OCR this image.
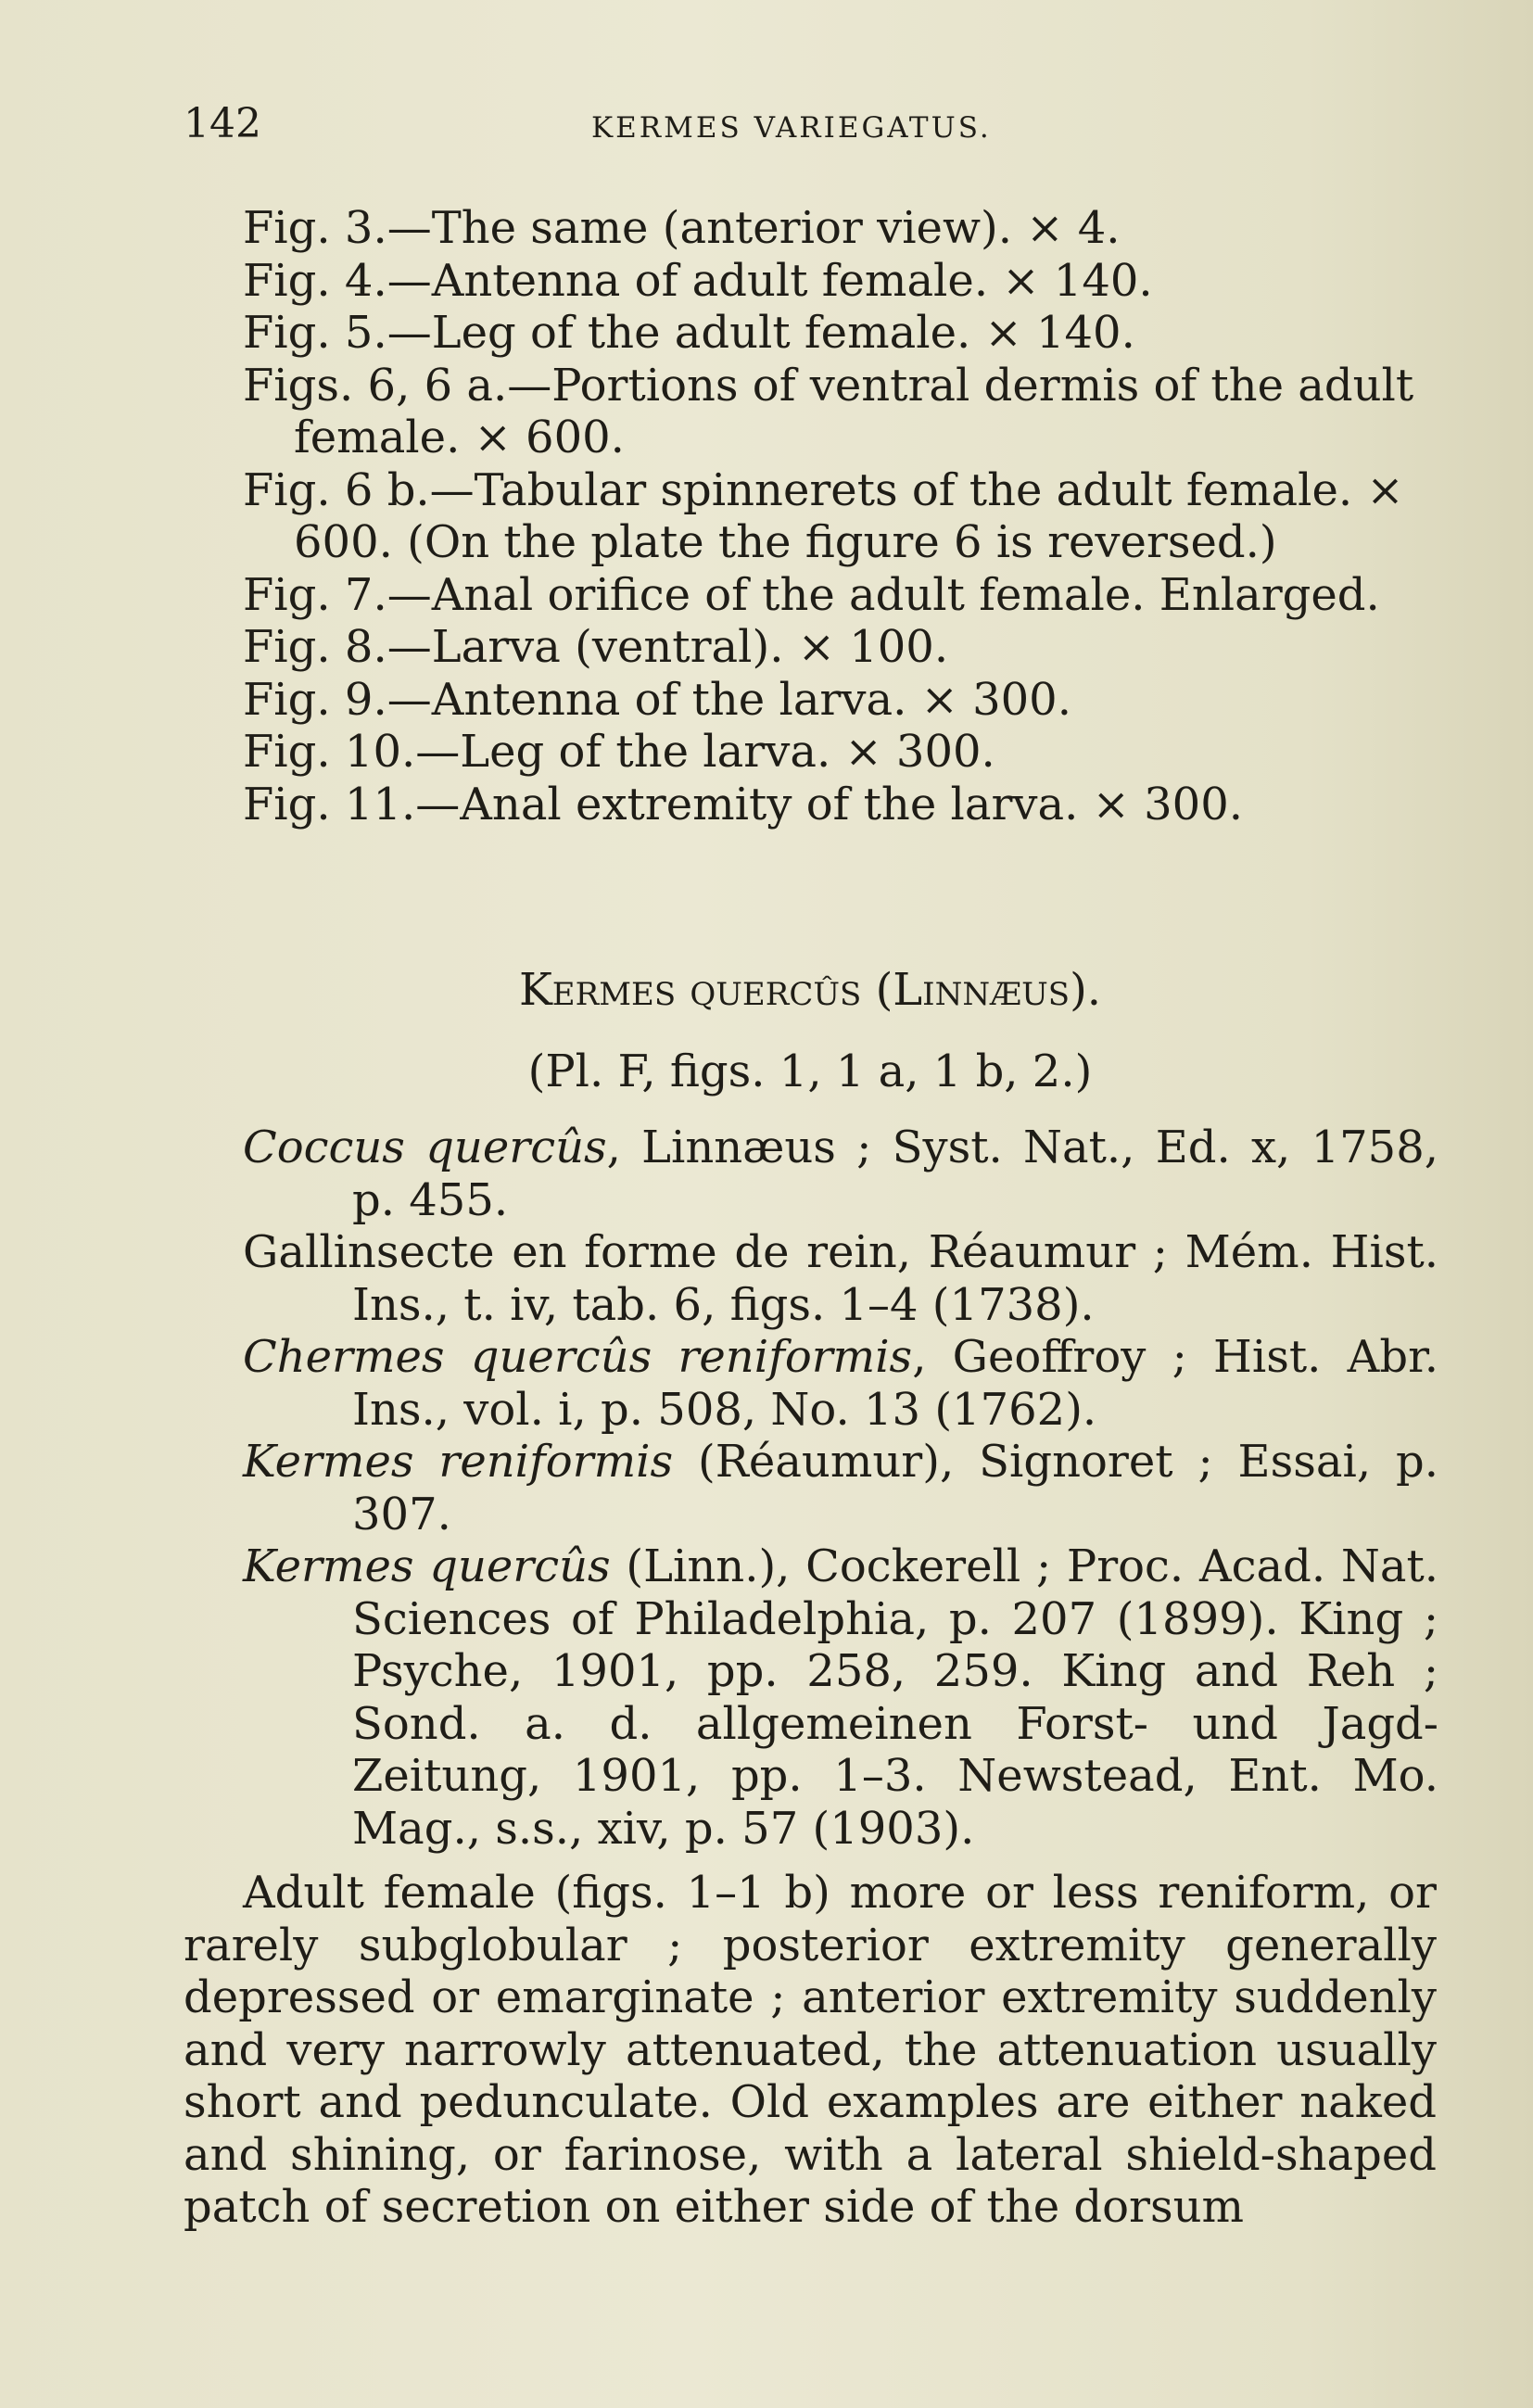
142	KERMES VARIEGATUS.
Fig. 3.—The same (anterior view). × 4.
Fig. 4.—Antenna of adult female. × 140.
Fig. 5.—Leg of the adult female. × 140.
Figs. 6, 6 a.—Portions of ventral dermis of the adult female. × 600.
Fig. 6 b.—Tabular spinnerets of the adult female. × 600. (On the plate the figure 6 is reversed.)
Fig. 7.—Anal orifice of the adult female. Enlarged.
Fig. 8.—Larva (ventral). × 100.
Fig. 9.—Antenna of the larva. × 300.
Fig. 10.—Leg of the larva. × 300.
Fig. 11.—Anal extremity of the larva. × 300.
Kermes quercûs (Linnæus).
(Pl. F, figs. 1, 1 a, 1 b, 2.)
Coccus quercûs, Linnæus ; Syst. Nat., Ed. x, 1758, p. 455.
Gallinsecte en forme de rein, Réaumur ; Mém. Hist. Ins., t. iv, tab. 6, figs. 1–4 (1738).
Chermes quercûs reniformis, Geoffroy ; Hist. Abr. Ins., vol. i, p. 508, No. 13 (1762).
Kermes reniformis (Réaumur), Signoret ; Essai, p. 307.
Kermes quercûs (Linn.), Cockerell ; Proc. Acad. Nat. Sciences of Philadelphia, p. 207 (1899). King ; Psyche, 1901, pp. 258, 259. King and Reh ; Sond. a. d. allgemeinen Forst- und Jagd-Zeitung, 1901, pp. 1–3. Newstead, Ent. Mo. Mag., s.s., xiv, p. 57 (1903).
Adult female (figs. 1–1 b) more or less reniform, or rarely subglobular ; posterior extremity generally depressed or emarginate ; anterior extremity suddenly and very narrowly attenuated, the attenuation usually short and pedunculate. Old examples are either naked and shining, or farinose, with a lateral shield-shaped patch of secretion on either side of the dorsum
